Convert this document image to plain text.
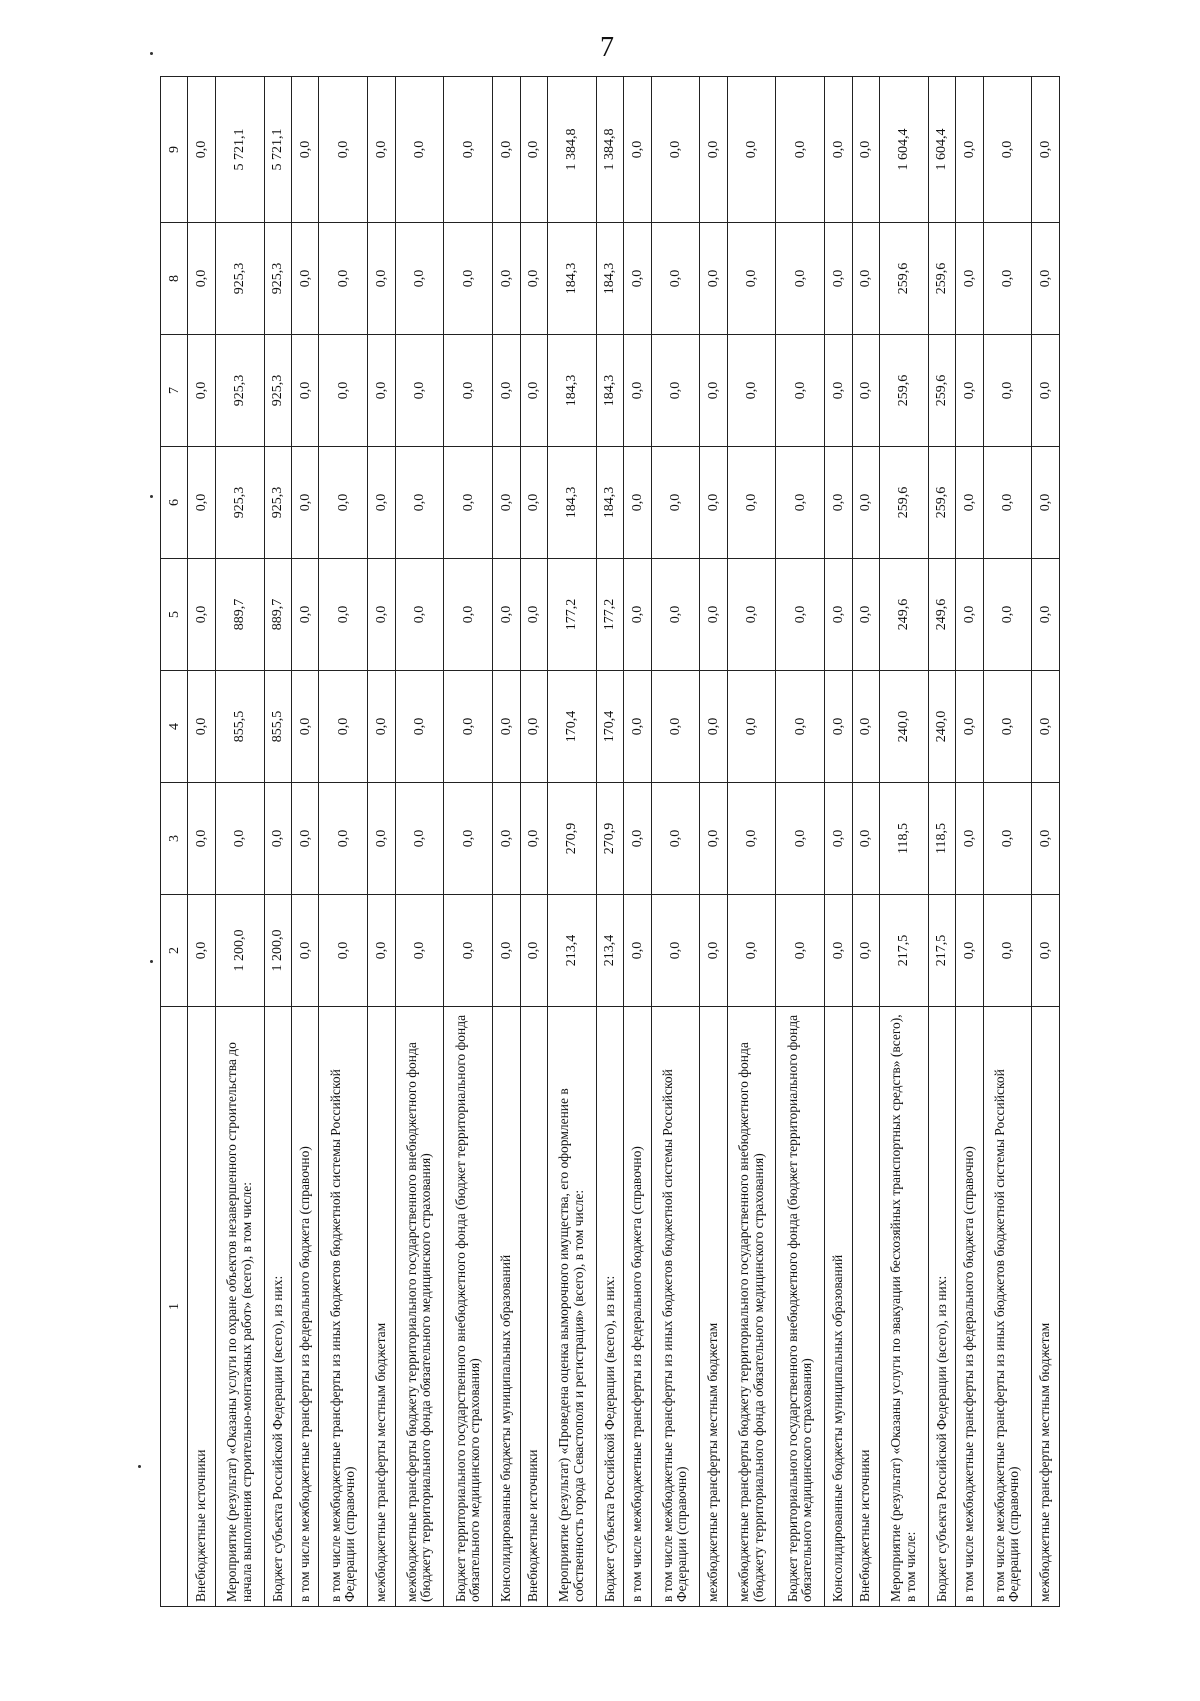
7
1	2	3	4	5	6	7	8	9
Внебюджетные источники	0,0	0,0	0,0	0,0	0,0	0,0	0,0	0,0
Мероприятие (результат) «Оказаны услуги по охране объектов незавершенного строительства до начала выполнения строительно-монтажных работ» (всего), в том числе:	1 200,0	0,0	855,5	889,7	925,3	925,3	925,3	5 721,1
Бюджет субъекта Российской Федерации (всего), из них:	1 200,0	0,0	855,5	889,7	925,3	925,3	925,3	5 721,1
в том числе межбюджетные трансферты из федерального бюджета (справочно)	0,0	0,0	0,0	0,0	0,0	0,0	0,0	0,0
в том числе межбюджетные трансферты из иных бюджетов бюджетной системы Российской Федерации (справочно)	0,0	0,0	0,0	0,0	0,0	0,0	0,0	0,0
межбюджетные трансферты местным бюджетам	0,0	0,0	0,0	0,0	0,0	0,0	0,0	0,0
межбюджетные трансферты бюджету территориального государственного внебюджетного фонда (бюджету территориального фонда обязательного медицинского страхования)	0,0	0,0	0,0	0,0	0,0	0,0	0,0	0,0
Бюджет территориального государственного внебюджетного фонда (бюджет территориального фонда обязательного медицинского страхования)	0,0	0,0	0,0	0,0	0,0	0,0	0,0	0,0
Консолидированные бюджеты муниципальных образований	0,0	0,0	0,0	0,0	0,0	0,0	0,0	0,0
Внебюджетные источники	0,0	0,0	0,0	0,0	0,0	0,0	0,0	0,0
Мероприятие (результат) «Проведена оценка выморочного имущества, его оформление в собственность города Севастополя и регистрация» (всего), в том числе:	213,4	270,9	170,4	177,2	184,3	184,3	184,3	1 384,8
Бюджет субъекта Российской Федерации (всего), из них:	213,4	270,9	170,4	177,2	184,3	184,3	184,3	1 384,8
в том числе межбюджетные трансферты из федерального бюджета (справочно)	0,0	0,0	0,0	0,0	0,0	0,0	0,0	0,0
в том числе межбюджетные трансферты из иных бюджетов бюджетной системы Российской Федерации (справочно)	0,0	0,0	0,0	0,0	0,0	0,0	0,0	0,0
межбюджетные трансферты местным бюджетам	0,0	0,0	0,0	0,0	0,0	0,0	0,0	0,0
межбюджетные трансферты бюджету территориального государственного внебюджетного фонда (бюджету территориального фонда обязательного медицинского страхования)	0,0	0,0	0,0	0,0	0,0	0,0	0,0	0,0
Бюджет территориального государственного внебюджетного фонда (бюджет территориального фонда обязательного медицинского страхования)	0,0	0,0	0,0	0,0	0,0	0,0	0,0	0,0
Консолидированные бюджеты муниципальных образований	0,0	0,0	0,0	0,0	0,0	0,0	0,0	0,0
Внебюджетные источники	0,0	0,0	0,0	0,0	0,0	0,0	0,0	0,0
Мероприятие (результат) «Оказаны услуги по эвакуации бесхозяйных транспортных средств» (всего), в том числе:	217,5	118,5	240,0	249,6	259,6	259,6	259,6	1 604,4
Бюджет субъекта Российской Федерации (всего), из них:	217,5	118,5	240,0	249,6	259,6	259,6	259,6	1 604,4
в том числе межбюджетные трансферты из федерального бюджета (справочно)	0,0	0,0	0,0	0,0	0,0	0,0	0,0	0,0
в том числе межбюджетные трансферты из иных бюджетов бюджетной системы Российской Федерации (справочно)	0,0	0,0	0,0	0,0	0,0	0,0	0,0	0,0
межбюджетные трансферты местным бюджетам	0,0	0,0	0,0	0,0	0,0	0,0	0,0	0,0
